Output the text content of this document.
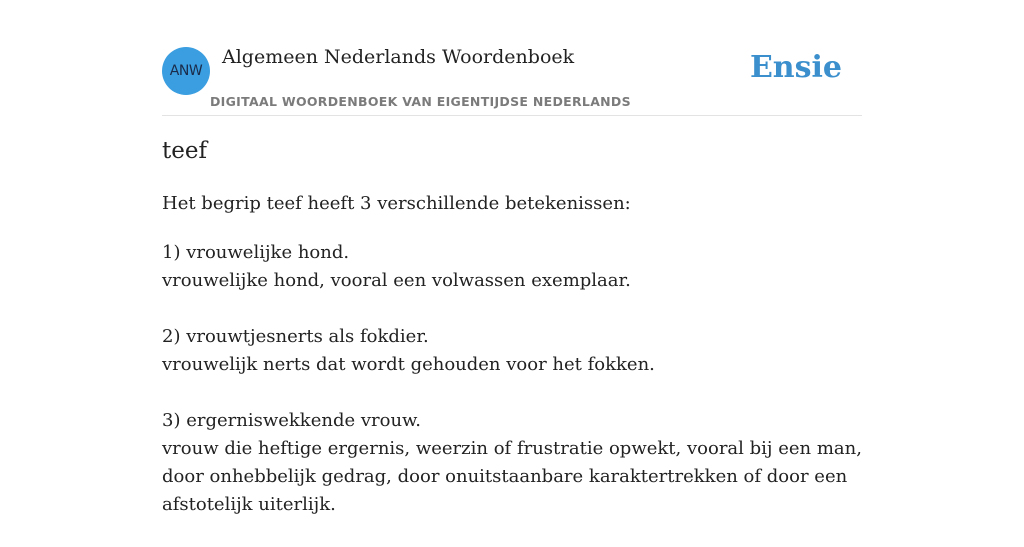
ANW
Algemeen Nederlands Woordenboek
DIGITAAL WOORDENBOEK VAN EIGENTIJDSE NEDERLANDS
Ensie
teef
Het begrip teef heeft 3 verschillende betekenissen:
1) vrouwelijke hond.
vrouwelijke hond, vooral een volwassen exemplaar.
2) vrouwtjesnerts als fokdier.
vrouwelijk nerts dat wordt gehouden voor het fokken.
3) ergerniswekkende vrouw.
vrouw die heftige ergernis, weerzin of frustratie opwekt, vooral bij een man, door onhebbelijk gedrag, door onuitstaanbare karaktertrekken of door een afstotelijk uiterlijk.
